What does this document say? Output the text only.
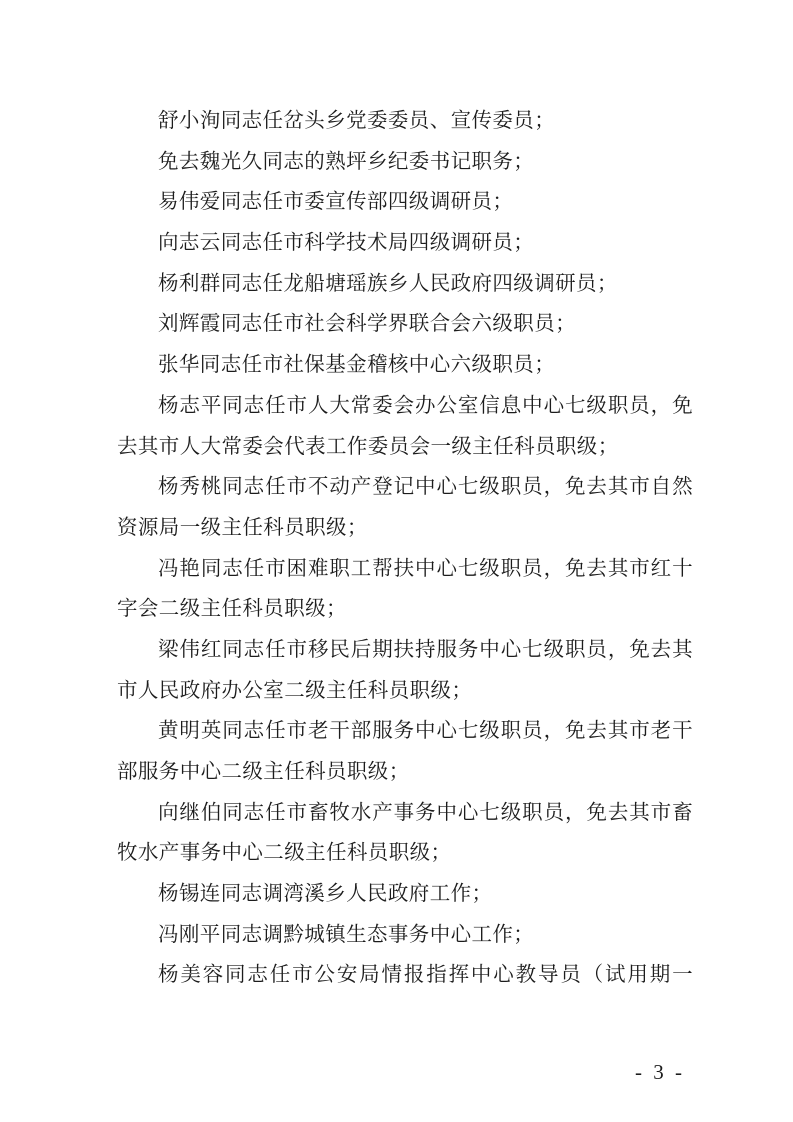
舒小洵同志任岔头乡党委委员、宣传委员；
免去魏光久同志的熟坪乡纪委书记职务；
易伟爱同志任市委宣传部四级调研员；
向志云同志任市科学技术局四级调研员；
杨利群同志任龙船塘瑶族乡人民政府四级调研员；
刘辉霞同志任市社会科学界联合会六级职员；
张华同志任市社保基金稽核中心六级职员；
杨志平同志任市人大常委会办公室信息中心七级职员，免
去其市人大常委会代表工作委员会一级主任科员职级；
杨秀桃同志任市不动产登记中心七级职员，免去其市自然
资源局一级主任科员职级；
冯艳同志任市困难职工帮扶中心七级职员，免去其市红十
字会二级主任科员职级；
梁伟红同志任市移民后期扶持服务中心七级职员，免去其
市人民政府办公室二级主任科员职级；
黄明英同志任市老干部服务中心七级职员，免去其市老干
部服务中心二级主任科员职级；
向继伯同志任市畜牧水产事务中心七级职员，免去其市畜
牧水产事务中心二级主任科员职级；
杨锡连同志调湾溪乡人民政府工作；
冯刚平同志调黔城镇生态事务中心工作；
杨美容同志任市公安局情报指挥中心教导员（试用期一
- 3 -
